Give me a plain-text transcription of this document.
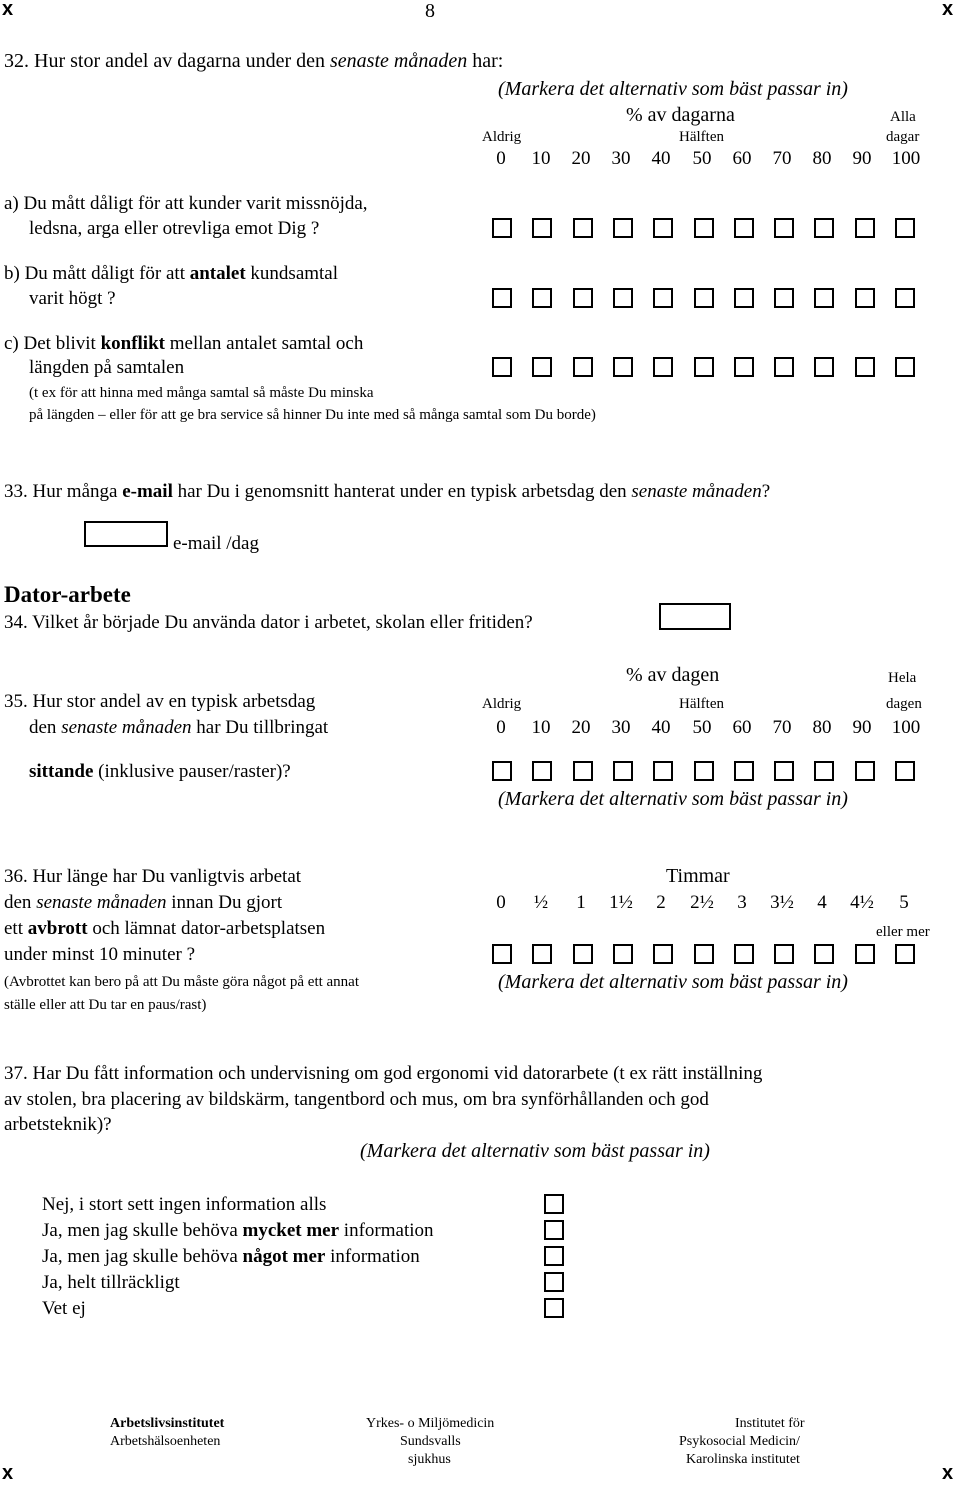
x	x
8
32. Hur stor andel av dagarna under den senaste månaden har:
(Markera det alternativ som bäst passar in)
% av dagarna	Alla
Aldrig	Hälften	dagar
0	10	20	30	40	50	60	70	80	90	100
a) Du mått dåligt för att kunder varit missnöjda,
ledsna, arga eller otrevliga emot Dig ?
b) Du mått dåligt för att antalet kundsamtal
varit högt ?
c) Det blivit konflikt mellan antalet samtal och
längden på samtalen
(t ex för att hinna med många samtal så måste Du minska
på längden – eller för att ge bra service så hinner Du inte med så många samtal som Du borde)
33. Hur många e-mail har Du i genomsnitt hanterat under en typisk arbetsdag den senaste månaden?
e-mail /dag
Dator-arbete
34. Vilket år började Du använda dator i arbetet, skolan eller fritiden?
% av dagen	Hela
35. Hur stor andel av en typisk arbetsdag	Aldrig	Hälften	dagen
den senaste månaden har Du tillbringat	0	10	20	30	40	50	60	70	80	90	100
sittande (inklusive pauser/raster)?
(Markera det alternativ som bäst passar in)
36. Hur länge har Du vanligtvis arbetat	Timmar
den senaste månaden innan Du gjort	0	½	1	1½	2	2½	3	3½	4	4½	5
ett avbrott och lämnat dator-arbetsplatsen	eller mer
under minst 10 minuter ?
(Avbrottet kan bero på att Du måste göra något på ett annat	(Markera det alternativ som bäst passar in)
ställe eller att Du tar en paus/rast)
37. Har Du fått information och undervisning om god ergonomi vid datorarbete (t ex rätt inställning
av stolen, bra placering av bildskärm, tangentbord och mus, om bra synförhållanden och god
arbetsteknik)?
(Markera det alternativ som bäst passar in)
Nej, i stort sett ingen information alls
Ja, men jag skulle behöva mycket mer information
Ja, men jag skulle behöva något mer information
Ja, helt tillräckligt
Vet ej
Arbetslivsinstitutet
Arbetshälsoenheten
Yrkes- o Miljömedicin
Sundsvalls
sjukhus
Institutet för
Psykosocial Medicin/
Karolinska institutet
x	x
